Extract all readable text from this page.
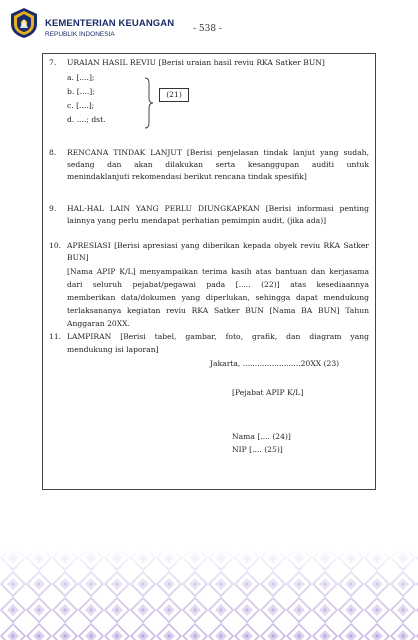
KEMENTERIAN KEUANGAN
REPUBLIK INDONESIA
- 538 -
7. URAIAN HASIL REVIU [Berisi uraian hasil reviu RKA Satker BUN]
a. [....];
b. [....];
c. [....];
d. ....; dst.
(21)
8. RENCANA TINDAK LANJUT [Berisi penjelasan tindak lanjut yang sudah,
sedang dan akan dilakukan serta kesanggupan auditi untuk
menindaklanjuti rekomendasi berikut rencana tindak spesifik]
9. HAL-HAL LAIN YANG PERLU DIUNGKAPKAN [Berisi informasi penting
lainnya yang perlu mendapat perhatian pemimpin audit, (jika ada)]
10. APRESIASI [Berisi apresiasi yang diberikan kepada obyek reviu RKA Satker
BUN]
[Nama APIP K/L] menyampaikan terima kasih atas bantuan dan kerjasama
dari seluruh pejabat/pegawai pada [..... (22)] atas kesediaannya
memberikan data/dokumen yang diperlukan, sehingga dapat mendukung
terlaksananya kegiatan reviu RKA Satker BUN [Nama BA BUN] Tahun
Anggaran 20XX.
11. LAMPIRAN [Berisi tabel, gambar, foto, grafik, dan diagram yang
mendukung isi laporan]
Jakarta, ........................20XX (23)
[Pejabat APIP K/L]
Nama [.... (24)]
NIP [.... (25)]
